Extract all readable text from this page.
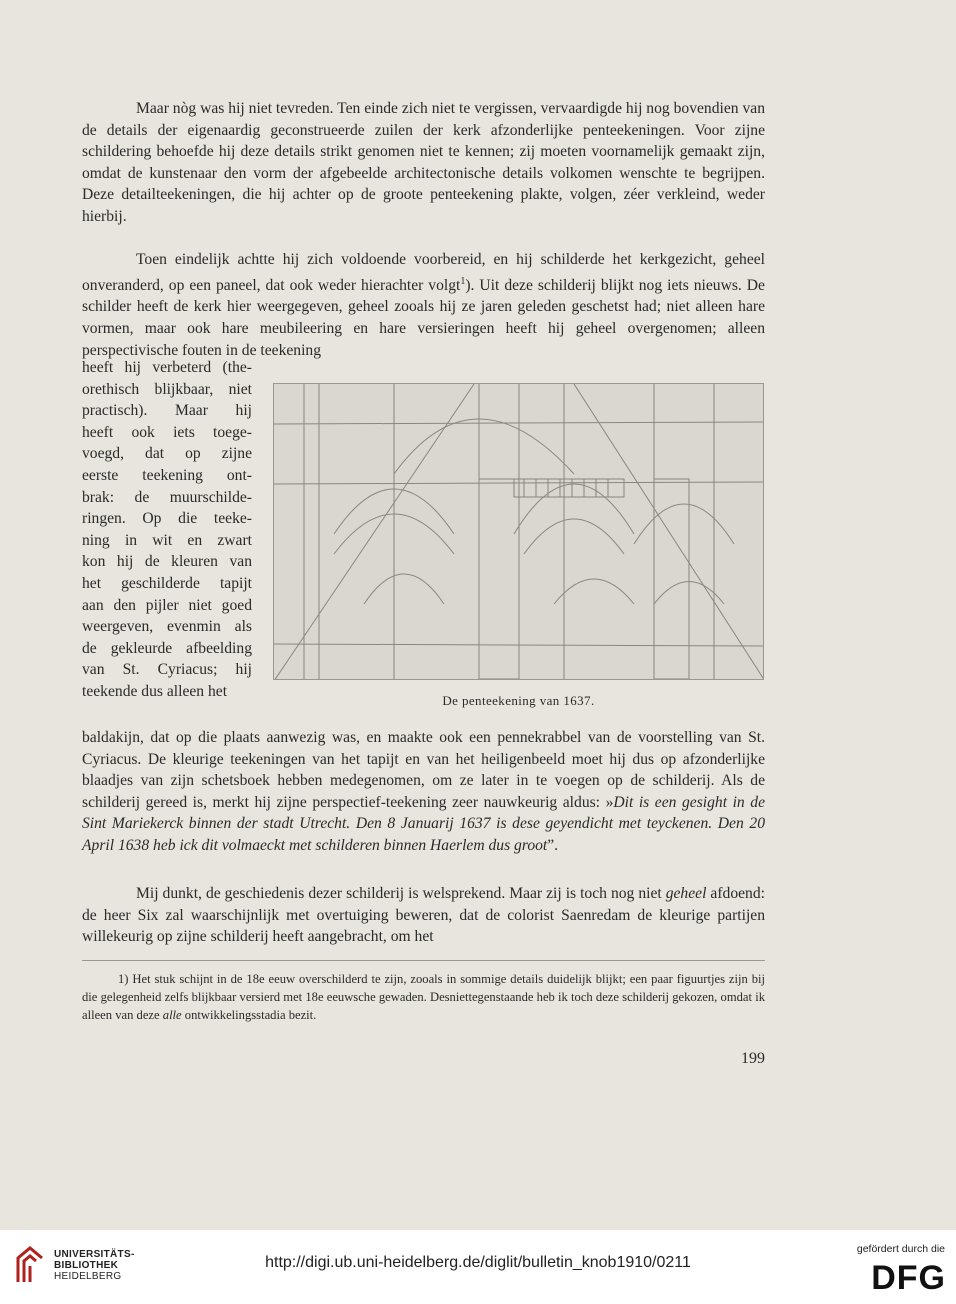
Maar nòg was hij niet tevreden. Ten einde zich niet te vergissen, vervaardigde hij nog bovendien van de details der eigenaardig geconstrueerde zuilen der kerk afzonderlijke penteekeningen. Voor zijne schildering behoefde hij deze details strikt genomen niet te kennen; zij moeten voornamelijk gemaakt zijn, omdat de kunstenaar den vorm der afgebeelde architectonische details volkomen wenschte te begrijpen. Deze detailteekeningen, die hij achter op de groote penteekening plakte, volgen, zéer verkleind, weder hierbij.

Toen eindelijk achtte hij zich voldoende voorbereid, en hij schilderde het kerkgezicht, geheel onveranderd, op een paneel, dat ook weder hierachter volgt$^1$). Uit deze schilderij blijkt nog iets nieuws. De schilder heeft de kerk hier weergegeven, geheel zooals hij ze jaren geleden geschetst had; niet alleen hare vormen, maar ook hare meubileering en hare versieringen heeft hij geheel overgenomen; alleen perspectivische fouten in de teekening

heeft hij verbeterd (the-
orethisch blijkbaar, niet
practisch). Maar hij
heeft ook iets toege-
voegd, dat op zijne
eerste teekening ont-
brak: de muurschilde-
ringen. Op die teeke-
ning in wit en zwart
kon hij de kleuren van
het geschilderde tapijt
aan den pijler niet goed
weergeven, evenmin als
de gekleurde afbeelding
van St. Cyriacus; hij
teekende dus alleen het
De penteekening van 1637.

baldakijn, dat op die plaats aanwezig was, en maakte ook een pennekrabbel van de voorstelling van St. Cyriacus. De kleurige teekeningen van het tapijt en van het heiligenbeeld moet hij dus op afzonderlijke blaadjes van zijn schetsboek hebben medegenomen, om ze later in te voegen op de schilderij. Als de schilderij gereed is, merkt hij zijne perspectief-teekening zeer nauwkeurig aldus: »Dit is een gesight in de Sint Mariekerck binnen der stadt Utrecht. Den 8 Januarij 1637 is dese geyendicht met teyckenen. Den 20 April 1638 heb ick dit volmaeckt met schilderen binnen Haerlem dus groot”.

Mij dunkt, de geschiedenis dezer schilderij is welsprekend. Maar zij is toch nog niet geheel afdoend: de heer Six zal waarschijnlijk met overtuiging beweren, dat de colorist Saenredam de kleurige partijen willekeurig op zijne schilderij heeft aangebracht, om het

1) Het stuk schijnt in de 18e eeuw overschilderd te zijn, zooals in sommige details duidelijk blijkt; een paar figuurtjes zijn bij die gelegenheid zelfs blijkbaar versierd met 18e eeuwsche gewaden. Desniettegenstaande heb ik toch deze schilderij gekozen, omdat ik alleen van deze alle ontwikkelingsstadia bezit.

199
UNIVERSITÄTS-
BIBLIOTHEK
HEIDELBERG
http://digi.ub.uni-heidelberg.de/diglit/bulletin_knob1910/0211
gefördert durch die
DFG
